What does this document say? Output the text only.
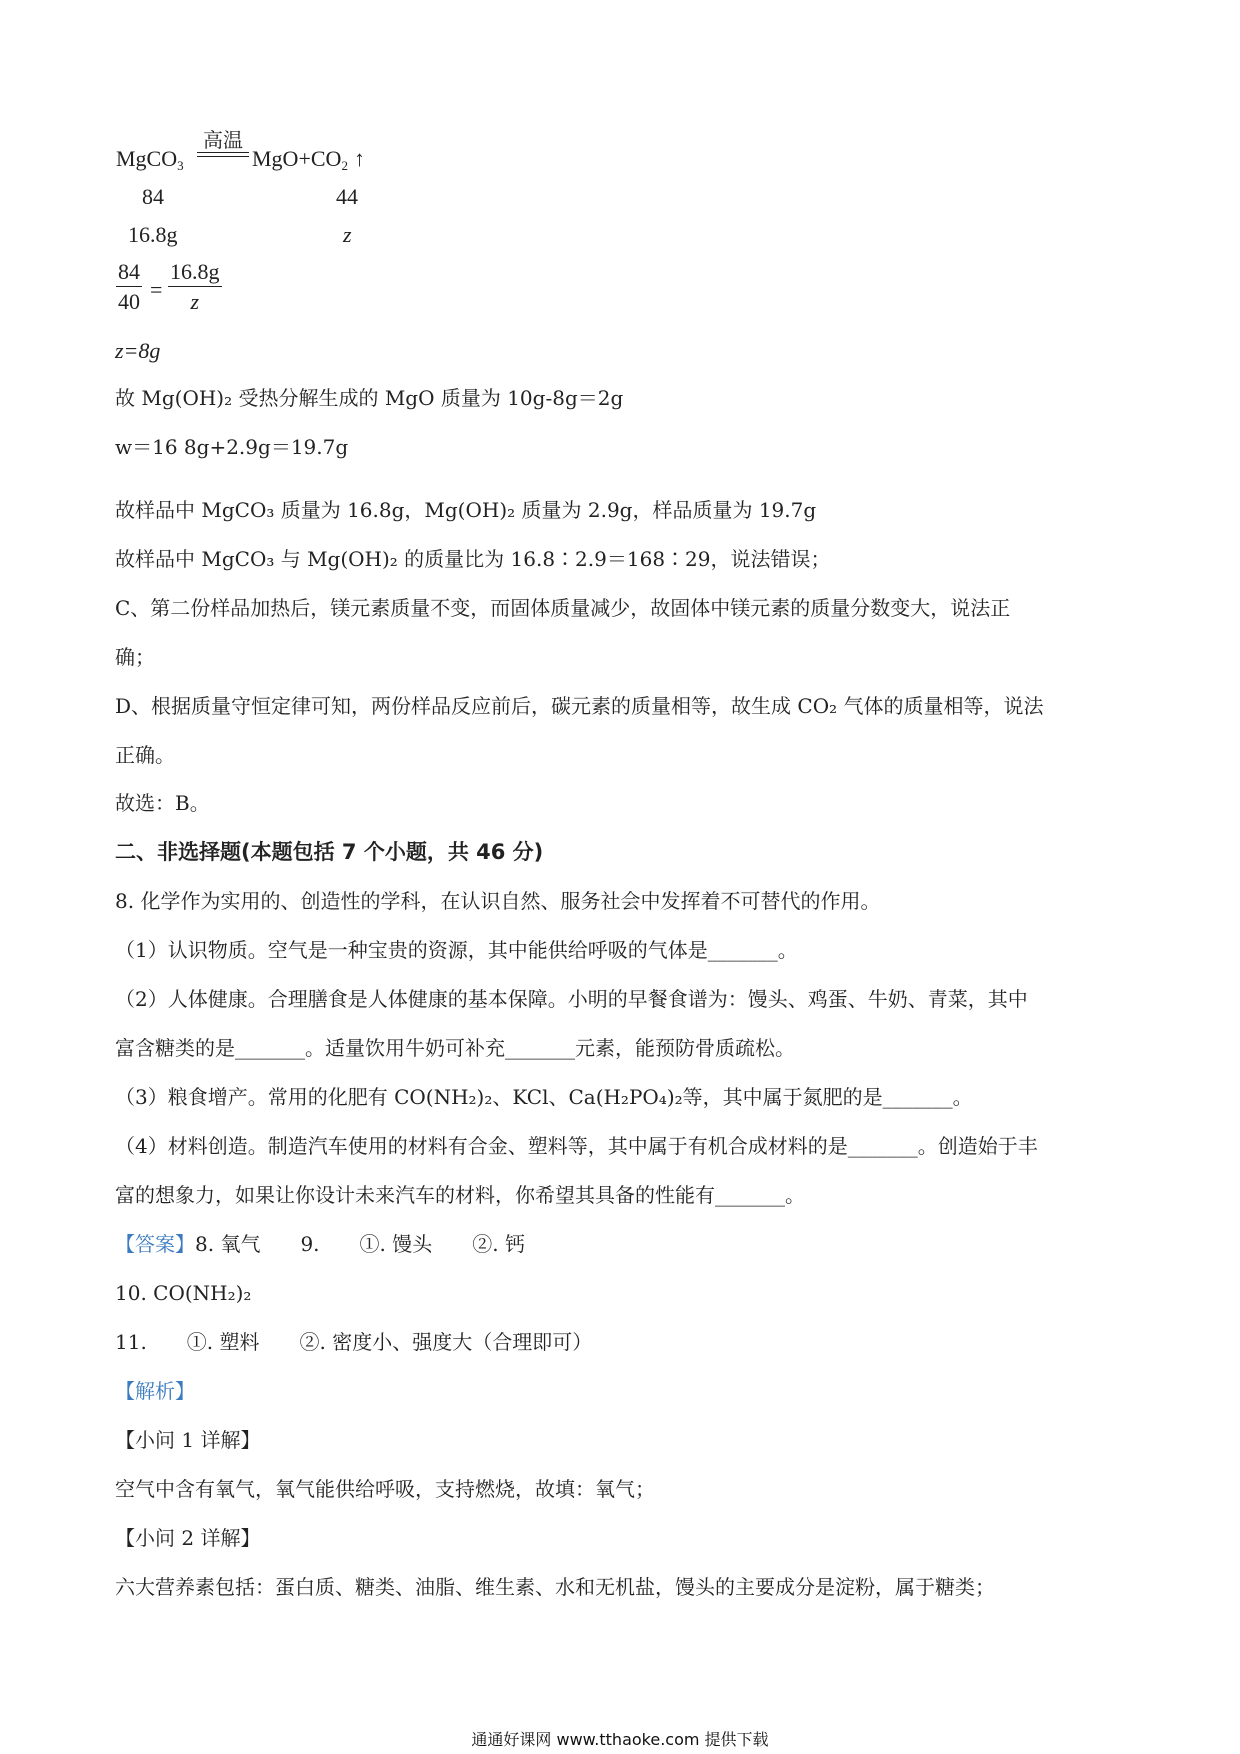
MgCO$_3$
高温
$MgO+CO_2$ ↑
84	44
16.8g	z
$\frac{84}{40} = \frac{16.8g}{z}$
z=8g
故 Mg(OH)₂ 受热分解生成的 MgO 质量为 10g-8g＝2g
w＝16 8g+2.9g＝19.7g
故样品中 MgCO₃ 质量为 16.8g，Mg(OH)₂ 质量为 2.9g，样品质量为 19.7g
故样品中 MgCO₃ 与 Mg(OH)₂ 的质量比为 16.8∶2.9＝168∶29，说法错误；
C、第二份样品加热后，镁元素质量不变，而固体质量减少，故固体中镁元素的质量分数变大，说法正
确；
D、根据质量守恒定律可知，两份样品反应前后，碳元素的质量相等，故生成 CO₂ 气体的质量相等，说法
正确。
故选：B。
二、非选择题(本题包括 7 个小题，共 46 分)
8. 化学作为实用的、创造性的学科，在认识自然、服务社会中发挥着不可替代的作用。
（1）认识物质。空气是一种宝贵的资源，其中能供给呼吸的气体是_______。
（2）人体健康。合理膳食是人体健康的基本保障。小明的早餐食谱为：馒头、鸡蛋、牛奶、青菜，其中
富含糖类的是_______。适量饮用牛奶可补充_______元素，能预防骨质疏松。
（3）粮食增产。常用的化肥有 CO(NH₂)₂、KCl、Ca(H₂PO₄)₂等，其中属于氮肥的是_______。
（4）材料创造。制造汽车使用的材料有合金、塑料等，其中属于有机合成材料的是_______。创造始于丰
富的想象力，如果让你设计未来汽车的材料，你希望其具备的性能有_______。
【答案】8. 氧气　　9.　　①. 馒头　　②. 钙
10. CO(NH₂)₂
11.　　①. 塑料　　②. 密度小、强度大（合理即可）
【解析】
【小问 1 详解】
空气中含有氧气，氧气能供给呼吸，支持燃烧，故填：氧气；
【小问 2 详解】
六大营养素包括：蛋白质、糖类、油脂、维生素、水和无机盐，馒头的主要成分是淀粉，属于糖类；
通通好课网 www.tthaoke.com 提供下载
